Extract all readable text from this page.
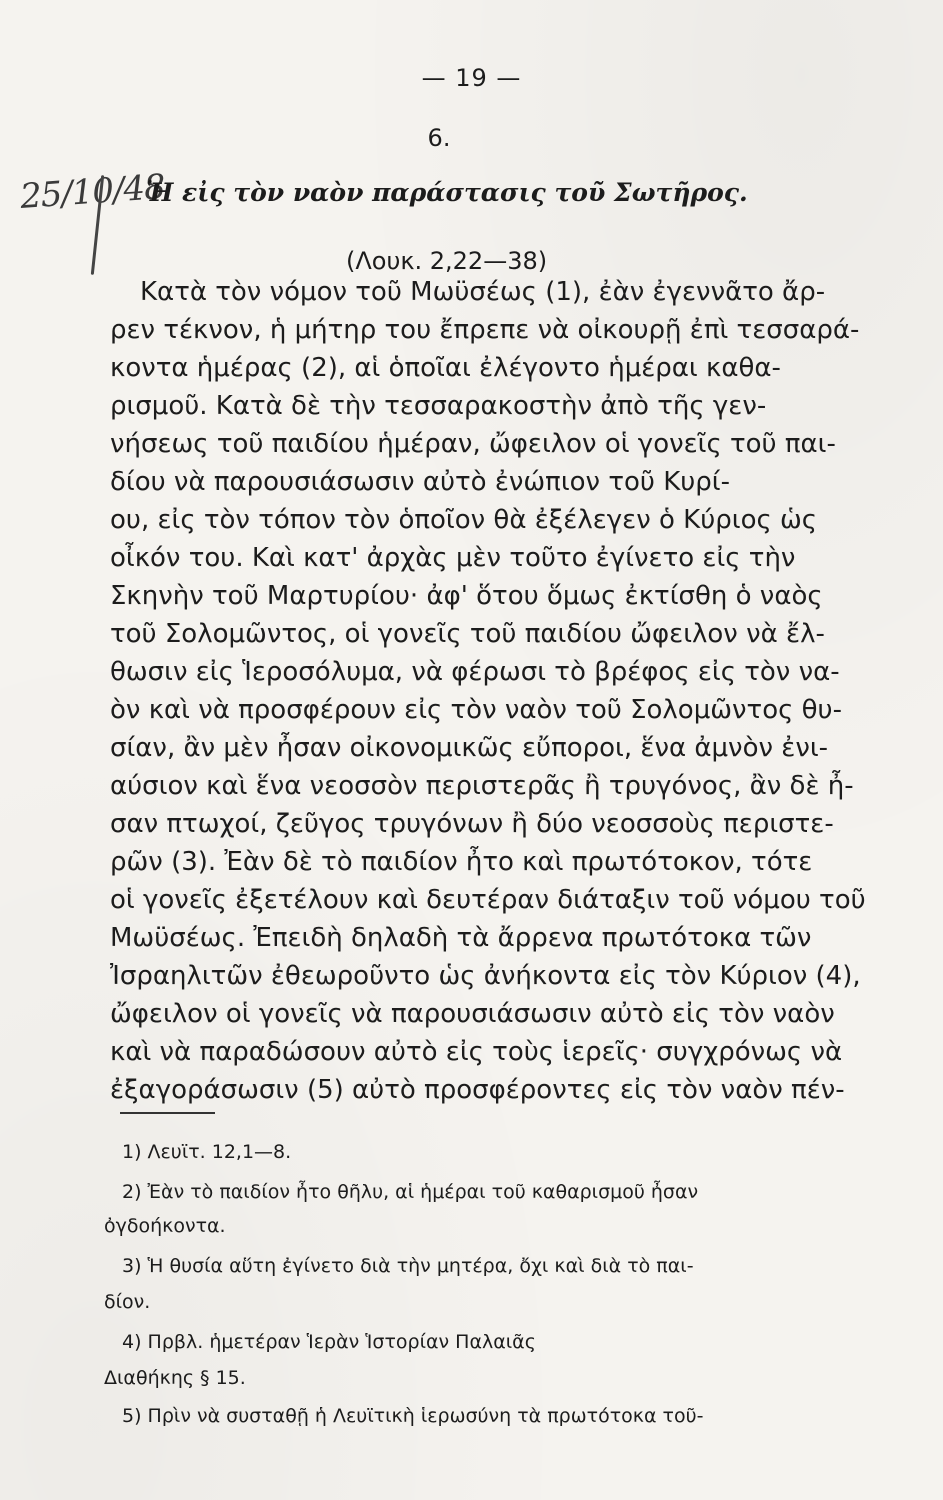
— 19 —
6.
25/10/48
Ἡ εἰς τὸν ναὸν παράστασις τοῦ Σωτῆρος.
(Λουκ. 2,22—38)
Κατὰ τὸν νόμον τοῦ Μωϋσέως (1), ἐὰν ἐγεννᾶτο ἄρ-
ρεν τέκνον, ἡ μήτηρ του ἔπρεπε νὰ οἰκουρῇ ἐπὶ τεσσαρά-
κοντα ἡμέρας (2), αἱ ὁποῖαι ἐλέγοντο ἡμέραι καθα-
ρισμοῦ. Κατὰ δὲ τὴν τεσσαρακοστὴν ἀπὸ τῆς γεν-
νήσεως τοῦ παιδίου ἡμέραν, ὤφειλον οἱ γονεῖς τοῦ παι-
δίου νὰ παρουσιάσωσιν αὐτὸ ἐνώπιον τοῦ Κυρί-
ου, εἰς τὸν τόπον τὸν ὁποῖον θὰ ἐξέλεγεν ὁ Κύριος ὡς
οἶκόν του. Καὶ κατ' ἀρχὰς μὲν τοῦτο ἐγίνετο εἰς τὴν
Σκηνὴν τοῦ Μαρτυρίου· ἀφ' ὅτου ὅμως ἐκτίσθη ὁ ναὸς
τοῦ Σολομῶντος, οἱ γονεῖς τοῦ παιδίου ὤφειλον νὰ ἔλ-
θωσιν εἰς Ἱεροσόλυμα, νὰ φέρωσι τὸ βρέφος εἰς τὸν να-
ὸν καὶ νὰ προσφέρουν εἰς τὸν ναὸν τοῦ Σολομῶντος θυ-
σίαν, ἂν μὲν ἦσαν οἰκονομικῶς εὔποροι, ἕνα ἀμνὸν ἐνι-
αύσιον καὶ ἕνα νεοσσὸν περιστερᾶς ἢ τρυγόνος, ἂν δὲ ἦ-
σαν πτωχοί, ζεῦγος τρυγόνων ἢ δύο νεοσσοὺς περιστε-
ρῶν (3). Ἐὰν δὲ τὸ παιδίον ἦτο καὶ πρωτότοκον, τότε
οἱ γονεῖς ἐξετέλουν καὶ δευτέραν διάταξιν τοῦ νόμου τοῦ
Μωϋσέως. Ἐπειδὴ δηλαδὴ τὰ ἄρρενα πρωτότοκα τῶν
Ἰσραηλιτῶν ἐθεωροῦντο ὡς ἀνήκοντα εἰς τὸν Κύριον (4),
ὤφειλον οἱ γονεῖς νὰ παρουσιάσωσιν αὐτὸ εἰς τὸν ναὸν
καὶ νὰ παραδώσουν αὐτὸ εἰς τοὺς ἱερεῖς· συγχρόνως νὰ
ἐξαγοράσωσιν (5) αὐτὸ προσφέροντες εἰς τὸν ναὸν πέν-
1) Λευϊτ. 12,1—8.
2) Ἐὰν τὸ παιδίον ἦτο θῆλυ, αἱ ἡμέραι τοῦ καθαρισμοῦ ἦσαν
ὀγδοήκοντα.
3) Ἡ θυσία αὕτη ἐγίνετο διὰ τὴν μητέρα, ὄχι καὶ διὰ τὸ παι-
δίον.
4) Πρβλ. ἡμετέραν Ἱερὰν Ἱστορίαν Παλαιᾶς
Διαθήκης § 15.
5) Πρὶν νὰ συσταθῇ ἡ Λευϊτικὴ ἱερωσύνη τὰ πρωτότοκα τοῦ-
